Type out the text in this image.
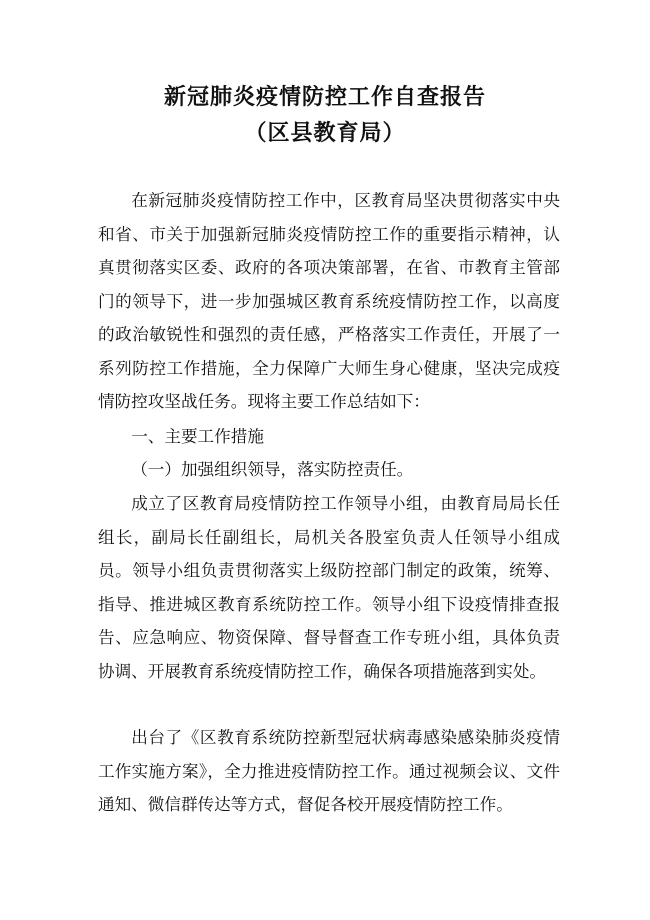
新冠肺炎疫情防控工作自查报告
（区县教育局）

在新冠肺炎疫情防控工作中，区教育局坚决贯彻落实中央和省、市关于加强新冠肺炎疫情防控工作的重要指示精神，认真贯彻落实区委、政府的各项决策部署，在省、市教育主管部门的领导下，进一步加强城区教育系统疫情防控工作，以高度的政治敏锐性和强烈的责任感，严格落实工作责任，开展了一系列防控工作措施，全力保障广大师生身心健康，坚决完成疫情防控攻坚战任务。现将主要工作总结如下：

一、主要工作措施

（一）加强组织领导，落实防控责任。

成立了区教育局疫情防控工作领导小组，由教育局局长任组长，副局长任副组长，局机关各股室负责人任领导小组成员。领导小组负责贯彻落实上级防控部门制定的政策，统筹、指导、推进城区教育系统防控工作。领导小组下设疫情排查报告、应急响应、物资保障、督导督查工作专班小组，具体负责协调、开展教育系统疫情防控工作，确保各项措施落到实处。

出台了《区教育系统防控新型冠状病毒感染感染肺炎疫情工作实施方案》，全力推进疫情防控工作。通过视频会议、文件通知、微信群传达等方式，督促各校开展疫情防控工作。
